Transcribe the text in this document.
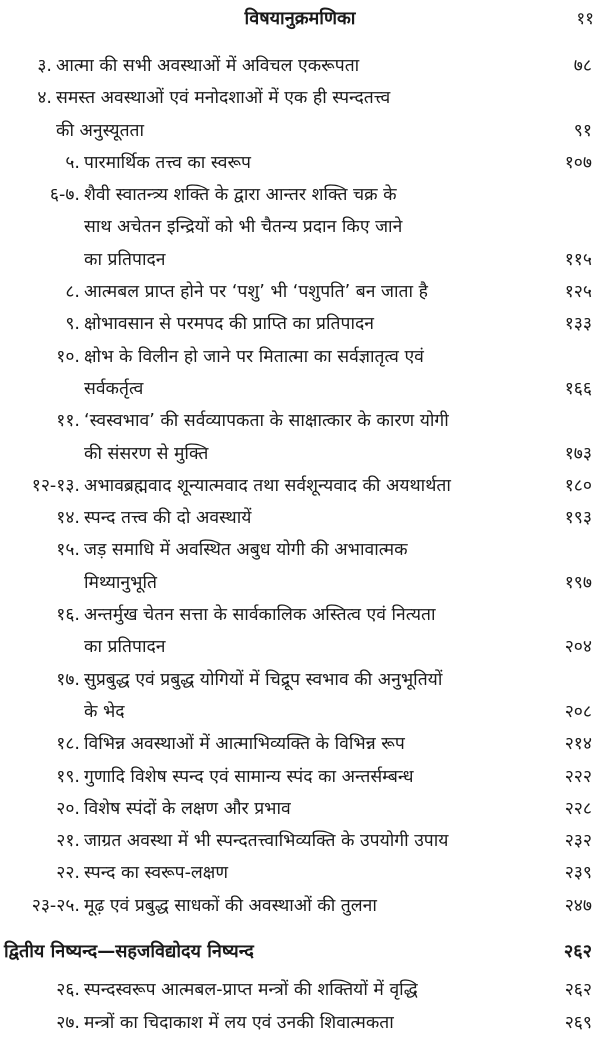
विषयानुक्रमणिका	११
३. आत्मा की सभी अवस्थाओं में अविचल एकरूपता	७८
४. समस्त अवस्थाओं एवं मनोदशाओं में एक ही स्पन्दतत्त्व
की अनुस्यूतता	९१
५. पारमार्थिक तत्त्व का स्वरूप	१०७
६-७. शैवी स्वातन्त्र्य शक्ति के द्वारा आन्तर शक्ति चक्र के
साथ अचेतन इन्द्रियों को भी चैतन्य प्रदान किए जाने
का प्रतिपादन	११५
८. आत्मबल प्राप्त होने पर ‘पशु’ भी ‘पशुपति’ बन जाता है	१२५
९. क्षोभावसान से परमपद की प्राप्ति का प्रतिपादन	१३३
१०. क्षोभ के विलीन हो जाने पर मितात्मा का सर्वज्ञातृत्व एवं
सर्वकर्तृत्व	१६६
११. ‘स्वस्वभाव’ की सर्वव्यापकता के साक्षात्कार के कारण योगी
की संसरण से मुक्ति	१७३
१२-१३. अभावब्रह्मवाद शून्यात्मवाद तथा सर्वशून्यवाद की अयथार्थता	१८०
१४. स्पन्द तत्त्व की दो अवस्थायें	१९३
१५. जड़ समाधि में अवस्थित अबुध योगी की अभावात्मक
मिथ्यानुभूति	१९७
१६. अन्तर्मुख चेतन सत्ता के सार्वकालिक अस्तित्व एवं नित्यता
का प्रतिपादन	२०४
१७. सुप्रबुद्ध एवं प्रबुद्ध योगियों में चिद्रूप स्वभाव की अनुभूतियों
के भेद	२०८
१८. विभिन्न अवस्थाओं में आत्माभिव्यक्ति के विभिन्न रूप	२१४
१९. गुणादि विशेष स्पन्द एवं सामान्य स्पंद का अन्तर्सम्बन्ध	२२२
२०. विशेष स्पंदों के लक्षण और प्रभाव	२२८
२१. जाग्रत अवस्था में भी स्पन्दतत्त्वाभिव्यक्ति के उपयोगी उपाय	२३२
२२. स्पन्द का स्वरूप-लक्षण	२३९
२३-२५. मूढ़ एवं प्रबुद्ध साधकों की अवस्थाओं की तुलना	२४७
द्वितीय निष्यन्द—सहजविद्योदय निष्यन्द	२६२
२६. स्पन्दस्वरूप आत्मबल-प्राप्त मन्त्रों की शक्तियों में वृद्धि	२६२
२७. मन्त्रों का चिदाकाश में लय एवं उनकी शिवात्मकता	२६९
